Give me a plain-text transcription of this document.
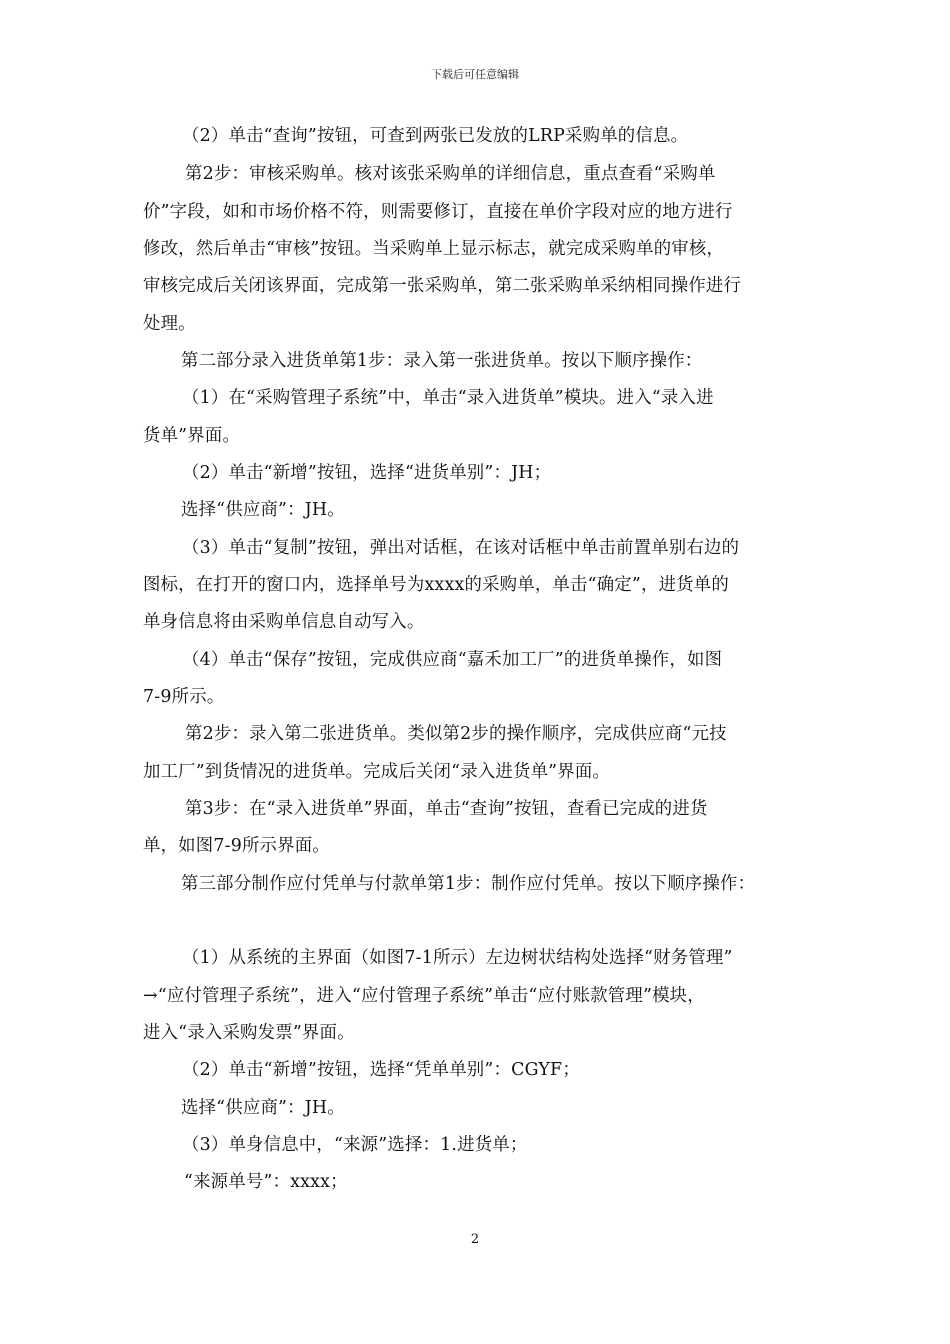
下载后可任意编辑
（2）单击“查询”按钮，可查到两张已发放的LRP采购单的信息。
第2步：审核采购单。核对该张采购单的详细信息，重点查看“采购单
价”字段，如和市场价格不符，则需要修订，直接在单价字段对应的地方进行
修改，然后单击“审核”按钮。当采购单上显示标志，就完成采购单的审核，
审核完成后关闭该界面，完成第一张采购单，第二张采购单采纳相同操作进行
处理。
第二部分录入进货单第1步：录入第一张进货单。按以下顺序操作：
（1）在“采购管理子系统”中，单击“录入进货单”模块。进入“录入进
货单”界面。
（2）单击“新增”按钮，选择“进货单别”：JH；
选择“供应商”：JH。
（3）单击“复制”按钮，弹出对话框，在该对话框中单击前置单别右边的
图标，在打开的窗口内，选择单号为xxxx的采购单，单击“确定”，进货单的
单身信息将由采购单信息自动写入。
（4）单击“保存”按钮，完成供应商“嘉禾加工厂”的进货单操作，如图
7-9所示。
第2步：录入第二张进货单。类似第2步的操作顺序，完成供应商“元技
加工厂”到货情况的进货单。完成后关闭“录入进货单”界面。
第3步：在“录入进货单”界面，单击“查询”按钮，查看已完成的进货
单，如图7-9所示界面。
第三部分制作应付凭单与付款单第1步：制作应付凭单。按以下顺序操作：
（1）从系统的主界面（如图7-1所示）左边树状结构处选择“财务管理”
→“应付管理子系统”，进入“应付管理子系统”单击“应付账款管理”模块，
进入“录入采购发票”界面。
（2）单击“新增”按钮，选择“凭单单别”：CGYF；
选择“供应商”：JH。
（3）单身信息中，“来源”选择：1.进货单；
“来源单号”：xxxx；
2
